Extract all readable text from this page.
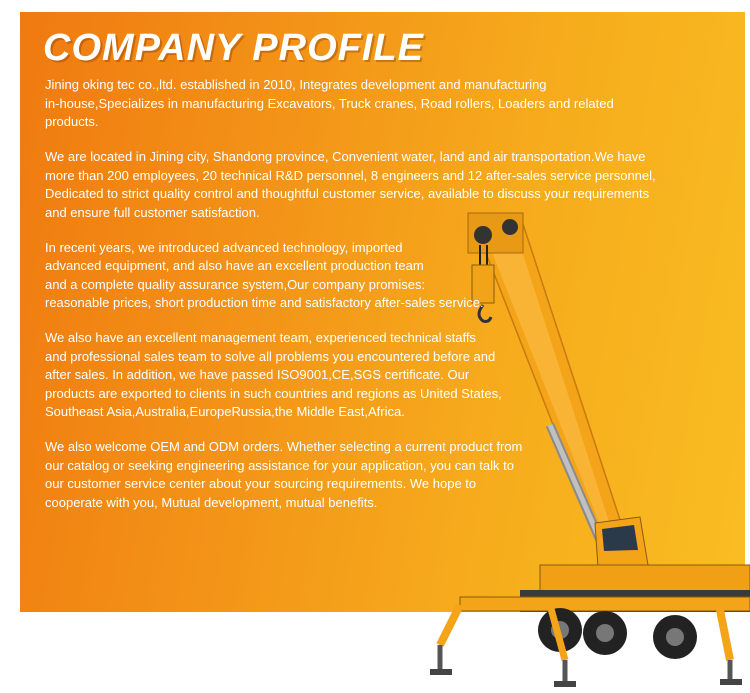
COMPANY PROFILE

Jining oking tec co.,ltd. established in 2010, Integrates development and manufacturing
in-house,Specializes in manufacturing Excavators, Truck cranes, Road rollers, Loaders and related
products.

We are located in Jining city, Shandong province, Convenient water, land and air transportation.We have
more than 200 employees, 20 technical R&D personnel, 8 engineers and 12 after-sales service personnel,
Dedicated to strict quality control and thoughtful customer service, available to discuss your requirements
and ensure full customer satisfaction.

In recent years, we introduced advanced technology, imported
advanced equipment, and also have an excellent production team
and a complete quality assurance system,Our company promises:
reasonable prices, short production time and satisfactory after-sales service.

We also have an excellent management team, experienced technical staffs
and professional sales team to solve all problems you encountered before and
after sales. In addition, we have passed ISO9001,CE,SGS certificate. Our
products are exported to clients in such countries and regions as United States,
Southeast Asia,Australia,EuropeRussia,the Middle East,Africa.

We also welcome OEM and ODM orders. Whether selecting a current product from
our catalog or seeking engineering assistance for your application, you can talk to
our customer service center about your sourcing requirements. We hope to
cooperate with you, Mutual development, mutual benefits.
